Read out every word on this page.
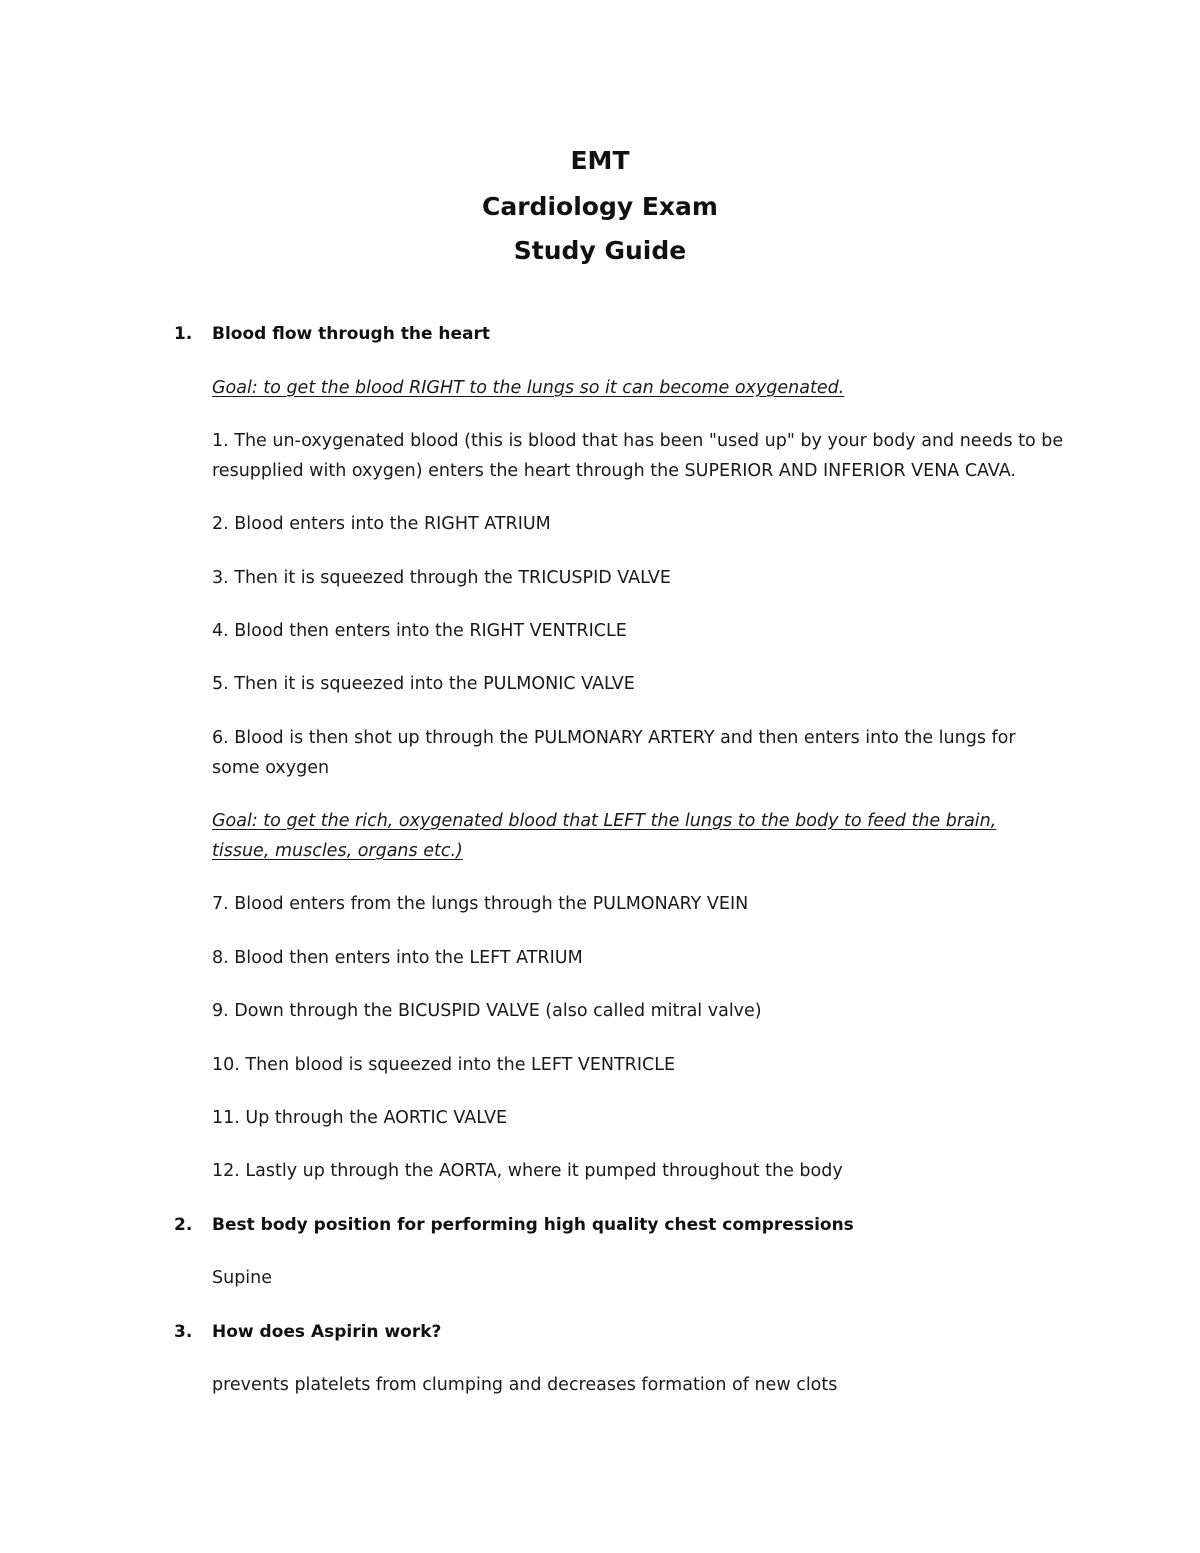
EMT
Cardiology Exam
Study Guide
1. Blood flow through the heart
Goal: to get the blood RIGHT to the lungs so it can become oxygenated.
1. The un-oxygenated blood (this is blood that has been "used up" by your body and needs to be
resupplied with oxygen) enters the heart through the SUPERIOR AND INFERIOR VENA CAVA.
2. Blood enters into the RIGHT ATRIUM
3. Then it is squeezed through the TRICUSPID VALVE
4. Blood then enters into the RIGHT VENTRICLE
5. Then it is squeezed into the PULMONIC VALVE
6. Blood is then shot up through the PULMONARY ARTERY and then enters into the lungs for
some oxygen
Goal: to get the rich, oxygenated blood that LEFT the lungs to the body to feed the brain,
tissue, muscles, organs etc.)
7. Blood enters from the lungs through the PULMONARY VEIN
8. Blood then enters into the LEFT ATRIUM
9. Down through the BICUSPID VALVE (also called mitral valve)
10. Then blood is squeezed into the LEFT VENTRICLE
11. Up through the AORTIC VALVE
12. Lastly up through the AORTA, where it pumped throughout the body
2. Best body position for performing high quality chest compressions
Supine
3. How does Aspirin work?
prevents platelets from clumping and decreases formation of new clots
